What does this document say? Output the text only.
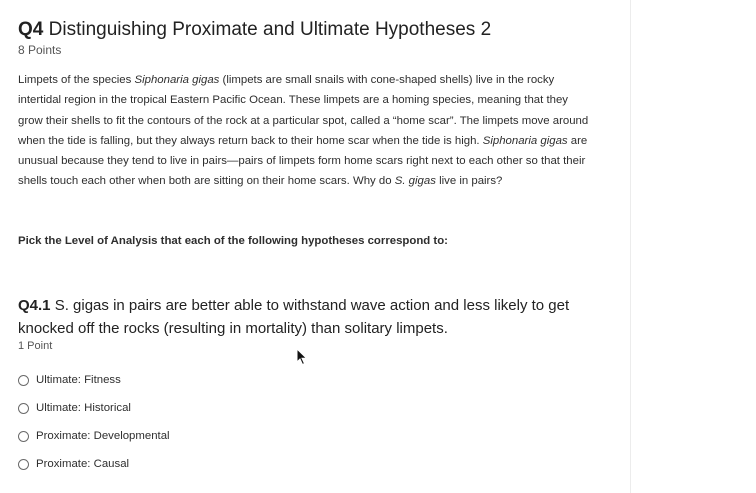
Q4 Distinguishing Proximate and Ultimate Hypotheses 2
8 Points

Limpets of the species Siphonaria gigas (limpets are small snails with cone-shaped shells) live in the rocky intertidal region in the tropical Eastern Pacific Ocean. These limpets are a homing species, meaning that they grow their shells to fit the contours of the rock at a particular spot, called a “home scar”. The limpets move around when the tide is falling, but they always return back to their home scar when the tide is high. Siphonaria gigas are unusual because they tend to live in pairs—pairs of limpets form home scars right next to each other so that their shells touch each other when both are sitting on their home scars. Why do S. gigas live in pairs?

Pick the Level of Analysis that each of the following hypotheses correspond to:
Q4.1 S. gigas in pairs are better able to withstand wave action and less likely to get knocked off the rocks (resulting in mortality) than solitary limpets.
1 Point
Ultimate: Fitness
Ultimate: Historical
Proximate: Developmental
Proximate: Causal
